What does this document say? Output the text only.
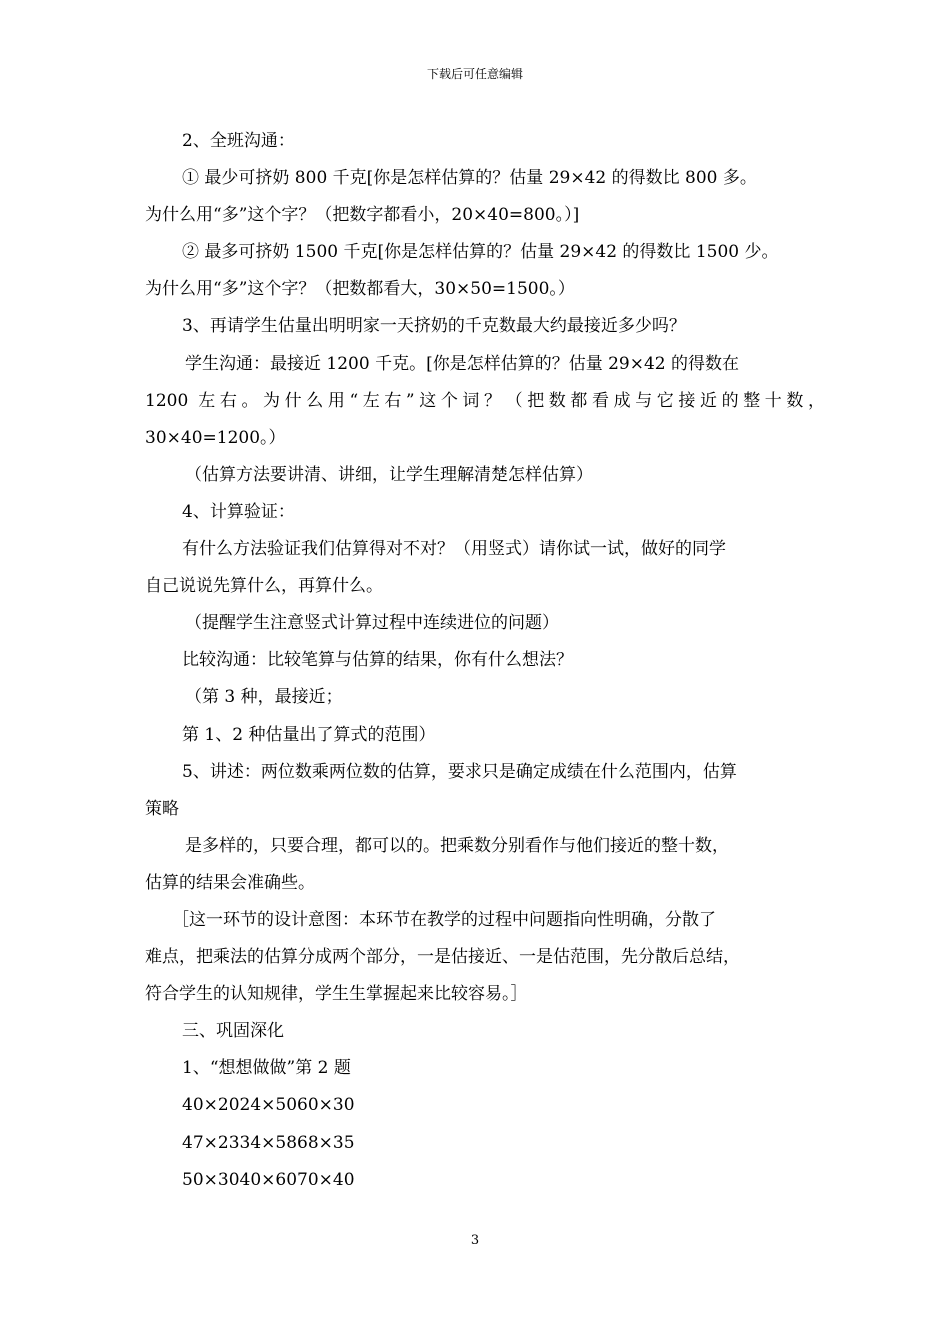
下载后可任意编辑
2、全班沟通：
① 最少可挤奶 800 千克[你是怎样估算的？估量 29×42 的得数比 800 多。
为什么用“多”这个字？（把数字都看小，20×40=800。）]
② 最多可挤奶 1500 千克[你是怎样估算的？估量 29×42 的得数比 1500 少。
为什么用“多”这个字？（把数都看大，30×50=1500。）
3、再请学生估量出明明家一天挤奶的千克数最大约最接近多少吗？
学生沟通：最接近 1200 千克。[你是怎样估算的？估量 29×42 的得数在
1200 左右。为什么用“左右”这个词？（把数都看成与它接近的整十数，
30×40=1200。）
（估算方法要讲清、讲细，让学生理解清楚怎样估算）
4、计算验证：
有什么方法验证我们估算得对不对？（用竖式）请你试一试，做好的同学
自己说说先算什么，再算什么。
（提醒学生注意竖式计算过程中连续进位的问题）
比较沟通：比较笔算与估算的结果，你有什么想法？
（第 3 种，最接近；
第 1、2 种估量出了算式的范围）
5、讲述：两位数乘两位数的估算，要求只是确定成绩在什么范围内，估算
策略
是多样的，只要合理，都可以的。把乘数分别看作与他们接近的整十数，
估算的结果会准确些。
［这一环节的设计意图：本环节在教学的过程中问题指向性明确，分散了
难点，把乘法的估算分成两个部分，一是估接近、一是估范围，先分散后总结，
符合学生的认知规律，学生生掌握起来比较容易。］
三、巩固深化
1、“想想做做”第 2 题
40×2024×5060×30
47×2334×5868×35
50×3040×6070×40
3
